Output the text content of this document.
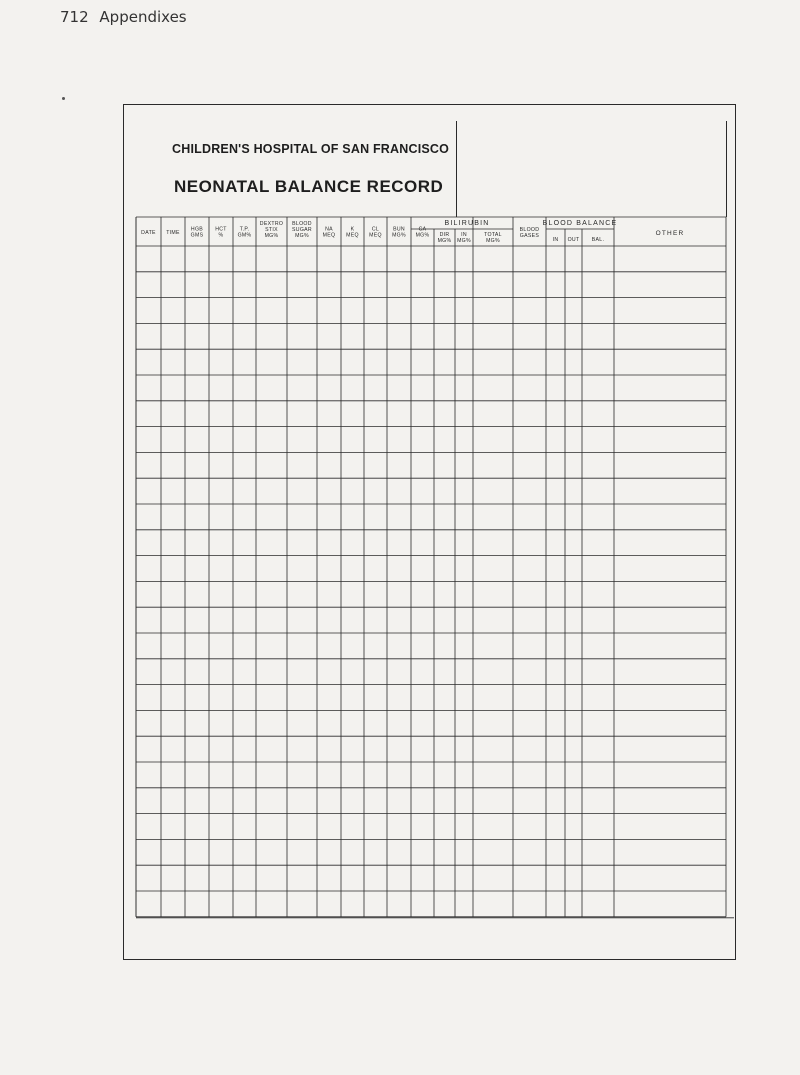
712 Appendixes
CHILDREN'S HOSPITAL OF SAN FRANCISCO
NEONATAL BALANCE RECORD
DATE TIME
HGB
GMS
HCT
%
T.P.
GM%
DEXTRO
STIX
MG%
BLOOD
SUGAR
MG%
NA
MEQ
K
MEQ
CL
MEQ
BUN
MG%
CA
MG%
BILIRUBIN
DIR
MG%
IN
MG%
TOTAL
MG%
BLOOD
GASES
BLOOD BALANCE
IN OUT BAL.
OTHER
